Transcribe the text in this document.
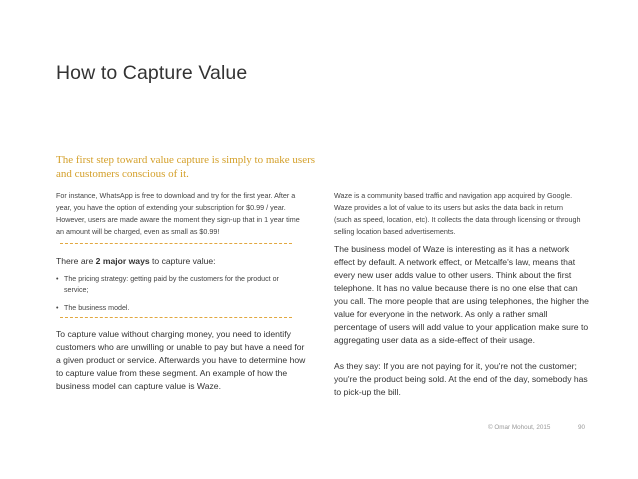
How to Capture Value
The first step toward value capture is simply to make users and customers conscious of it.
For instance, WhatsApp is free to download and try for the first year. After a year, you have the option of extending your subscription for $0.99 / year. However, users are made aware the moment they sign-up that in 1 year time an amount will be charged, even as small as $0.99!
There are 2 major ways to capture value:
• The pricing strategy: getting paid by the customers for the product or service;
• The business model.
To capture value without charging money, you need to identify customers who are unwilling or unable to pay but have a need for a given product or service. Afterwards you have to determine how to capture value from these segment. An example of how the business model can capture value is Waze.
Waze is a community based traffic and navigation app acquired by Google. Waze provides a lot of value to its users but asks the data back in return (such as speed, location, etc). It collects the data through licensing or through selling location based advertisements.
The business model of Waze is interesting as it has a network effect by default. A network effect, or Metcalfe's law, means that every new user adds value to other users. Think about the first telephone. It has no value because there is no one else that can you call. The more people that are using telephones, the higher the value for everyone in the network. As only a rather small percentage of users will add value to your application make sure to aggregating user data as a side-effect of their usage.
As they say: If you are not paying for it, you're not the customer; you're the product being sold. At the end of the day, somebody has to pick-up the bill.
© Omar Mohout, 2015	90
